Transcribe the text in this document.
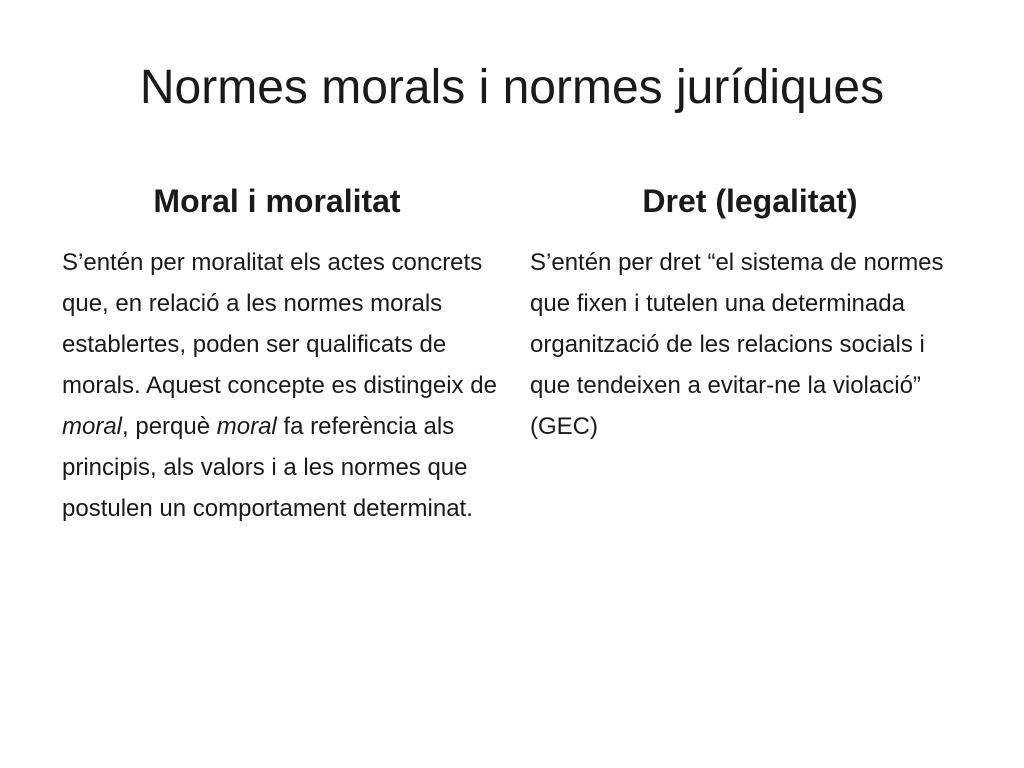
Normes morals i normes jurídiques
Moral i moralitat

S’entén per moralitat els actes concrets que, en relació a les normes morals establertes, poden ser qualificats de morals. Aquest concepte es distingeix de moral, perquè moral fa referència als principis, als valors i a les normes que postulen un comportament determinat.

Dret (legalitat)

S’entén per dret “el sistema de normes que fixen i tutelen una determinada organització de les relacions socials i que tendeixen a evitar-ne la violació” (GEC)
